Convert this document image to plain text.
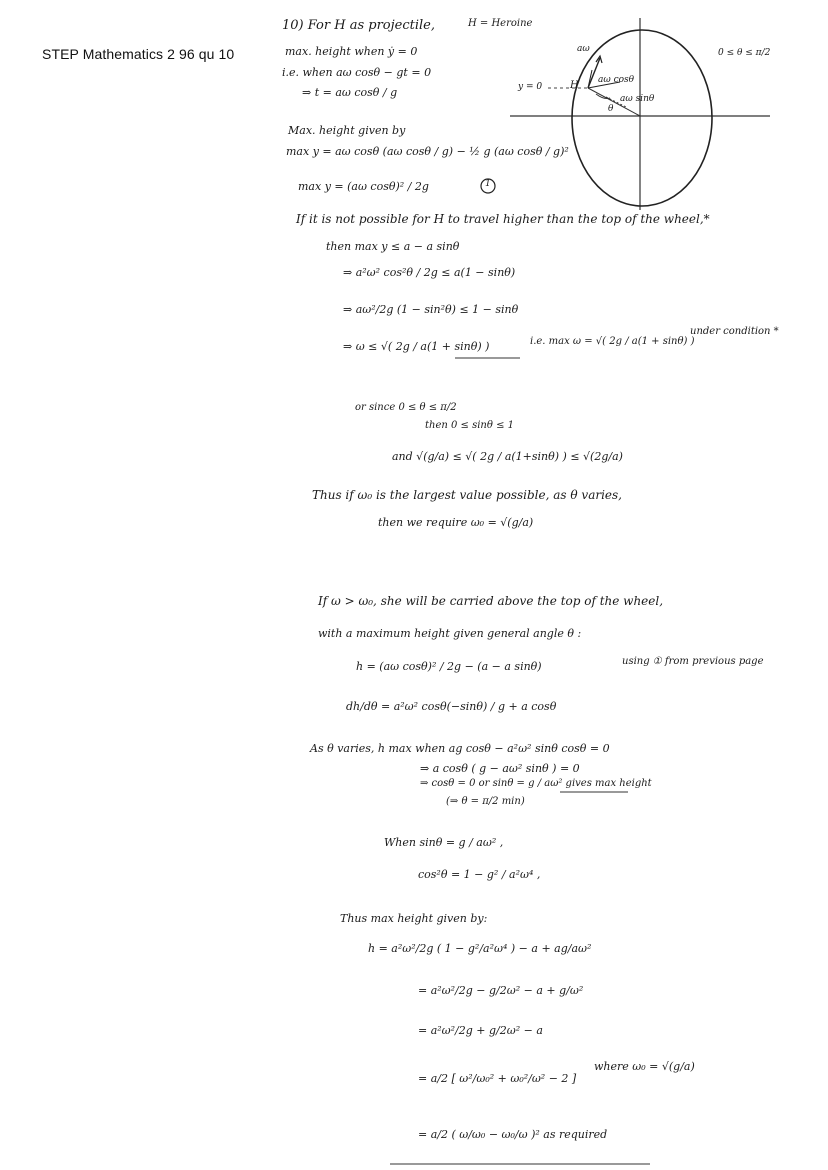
STEP Mathematics 2 96 qu 10	0 ≤ θ ≤ π/2
aω
H
y = 0
aω cosθ
aω sinθ
θ
1
10) For H as projectile,	H = Heroine
max. height when ẏ = 0
i.e. when aω cosθ − gt = 0
⇒ t = aω cosθ / g
Max. height given by
max y = aω cosθ (aω cosθ / g) − ½ g (aω cosθ / g)²
max y = (aω cosθ)² / 2g
If it is not possible for H to travel higher than the top of the wheel,*
then max y ≤ a − a sinθ
⇒ a²ω² cos²θ / 2g ≤ a(1 − sinθ)
⇒ aω²/2g (1 − sin²θ) ≤ 1 − sinθ
⇒ ω ≤ √( 2g / a(1 + sinθ) )	i.e. max ω = √( 2g / a(1 + sinθ) )
under condition *
or since 0 ≤ θ ≤ π/2
then 0 ≤ sinθ ≤ 1
and √(g/a) ≤ √( 2g / a(1+sinθ) ) ≤ √(2g/a)
Thus if ω₀ is the largest value possible, as θ varies,
then we require ω₀ = √(g/a)
If ω > ω₀, she will be carried above the top of the wheel,
with a maximum height given general angle θ :
h = (aω cosθ)² / 2g − (a − a sinθ)	using ① from previous page
dh/dθ = a²ω² cosθ(−sinθ) / g + a cosθ
As θ varies, h max when ag cosθ − a²ω² sinθ cosθ = 0
⇒ a cosθ ( g − aω² sinθ ) = 0
⇒ cosθ = 0 or sinθ = g / aω² gives max height
(⇒ θ = π/2 min)
When sinθ = g / aω² ,
cos²θ = 1 − g² / a²ω⁴ ,
Thus max height given by:
h = a²ω²/2g ( 1 − g²/a²ω⁴ ) − a + ag/aω²
= a²ω²/2g − g/2ω² − a + g/ω²
= a²ω²/2g + g/2ω² − a
= a/2 [ ω²/ω₀² + ω₀²/ω² − 2 ]
where ω₀ = √(g/a)
= a/2 ( ω/ω₀ − ω₀/ω )² as required
